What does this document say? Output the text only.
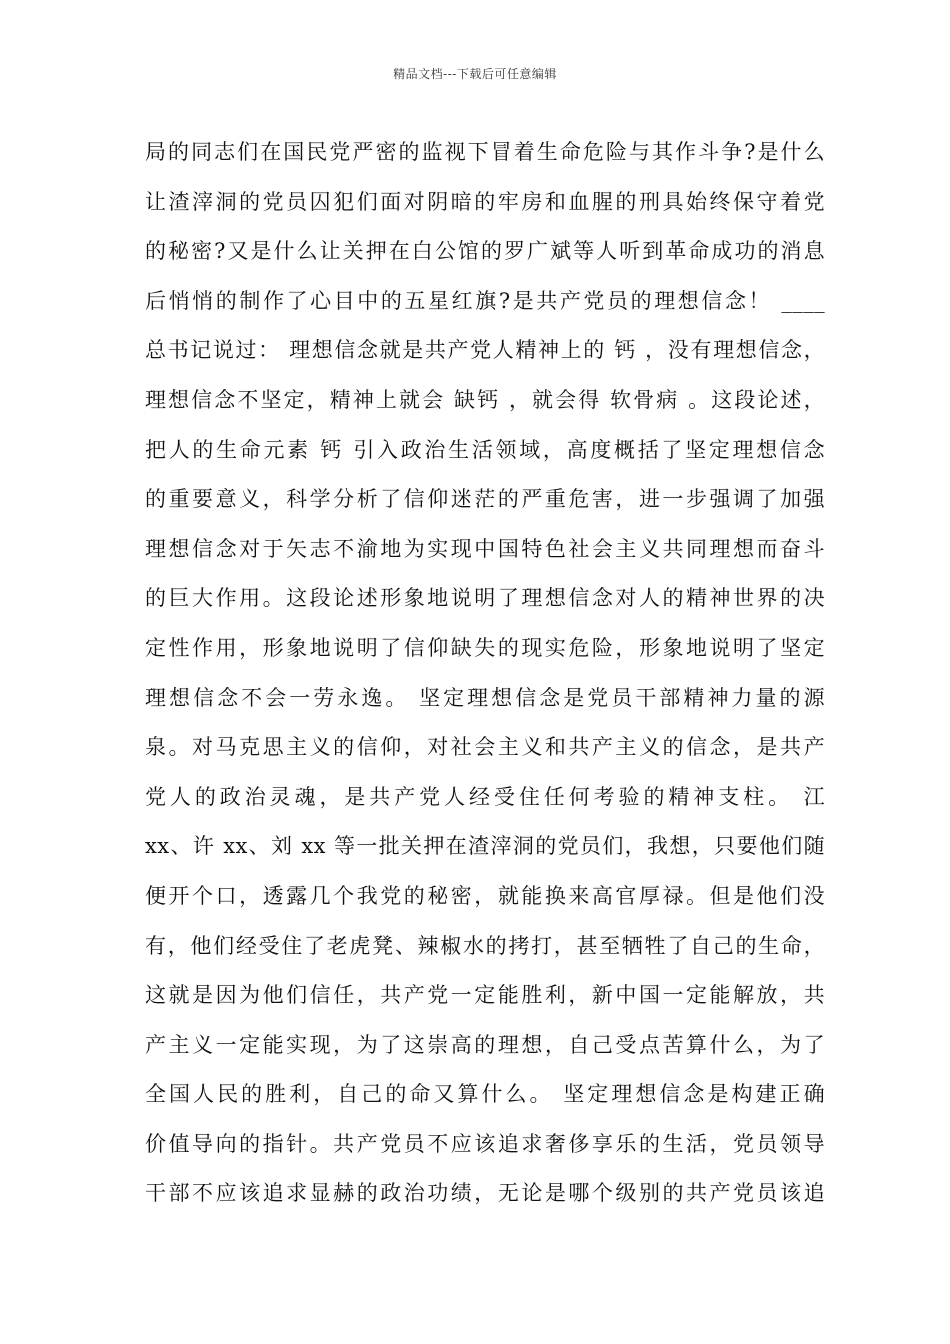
精品文档---下载后可任意编辑
局的同志们在国民党严密的监视下冒着生命危险与其作斗争?是什么
让渣滓洞的党员囚犯们面对阴暗的牢房和血腥的刑具始终保守着党
的秘密?又是什么让关押在白公馆的罗广斌等人听到革命成功的消息
后悄悄的制作了心目中的五星红旗?是共产党员的理想信念！ ____
总书记说过： 理想信念就是共产党人精神上的 钙 ，没有理想信念，
理想信念不坚定，精神上就会 缺钙 ，就会得 软骨病 。这段论述，
把人的生命元素 钙 引入政治生活领域，高度概括了坚定理想信念
的重要意义，科学分析了信仰迷茫的严重危害，进一步强调了加强
理想信念对于矢志不渝地为实现中国特色社会主义共同理想而奋斗
的巨大作用。这段论述形象地说明了理想信念对人的精神世界的决
定性作用，形象地说明了信仰缺失的现实危险，形象地说明了坚定
理想信念不会一劳永逸。 坚定理想信念是党员干部精神力量的源
泉。对马克思主义的信仰，对社会主义和共产主义的信念，是共产
党人的政治灵魂，是共产党人经受住任何考验的精神支柱。 江
xx、许 xx、刘 xx 等一批关押在渣滓洞的党员们，我想，只要他们随
便开个口，透露几个我党的秘密，就能换来高官厚禄。但是他们没
有，他们经受住了老虎凳、辣椒水的拷打，甚至牺牲了自己的生命，
这就是因为他们信任，共产党一定能胜利，新中国一定能解放，共
产主义一定能实现，为了这崇高的理想，自己受点苦算什么，为了
全国人民的胜利，自己的命又算什么。 坚定理想信念是构建正确
价值导向的指针。共产党员不应该追求奢侈享乐的生活，党员领导
干部不应该追求显赫的政治功绩，无论是哪个级别的共产党员该追
